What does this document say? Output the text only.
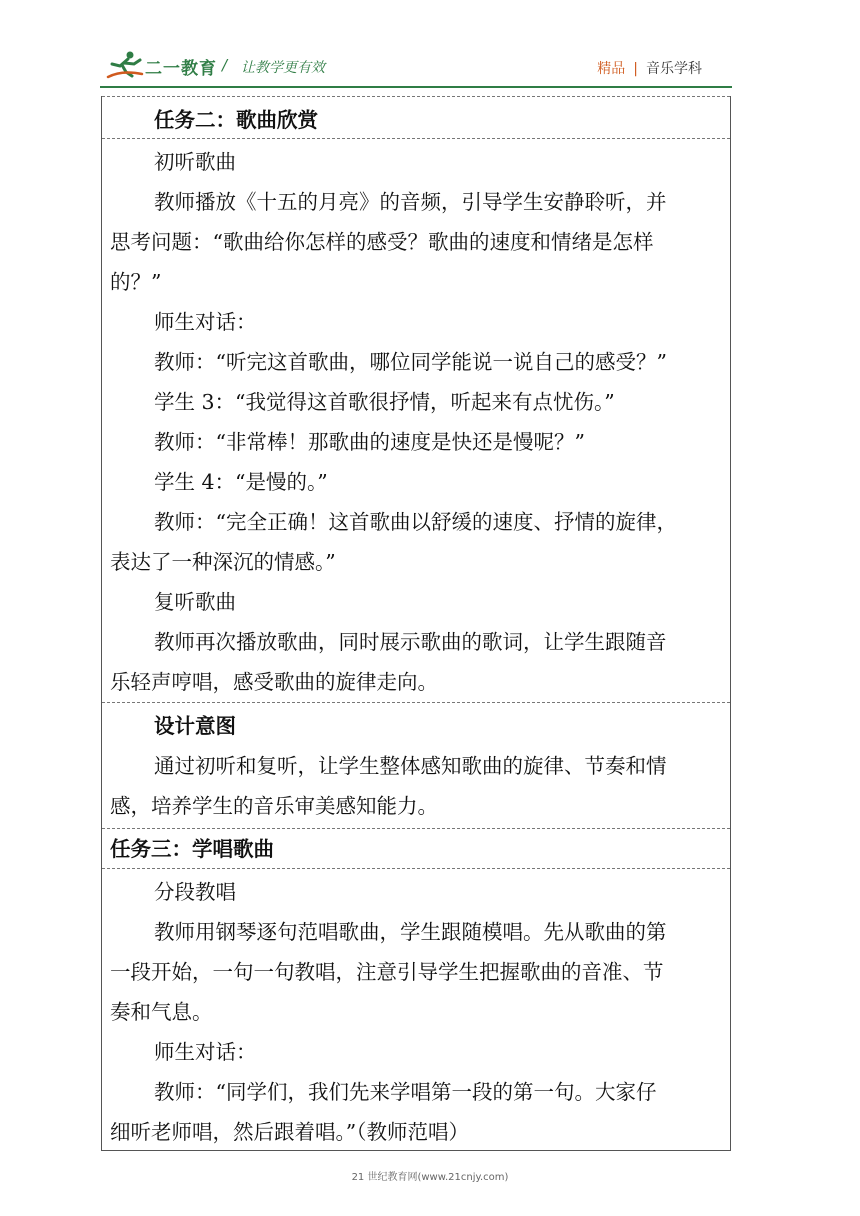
二一教育 / 让教学更有效	精品 | 音乐学科
任务二：歌曲欣赏
初听歌曲
教师播放《十五的月亮》的音频，引导学生安静聆听，并
思考问题：“歌曲给你怎样的感受？歌曲的速度和情绪是怎样
的？”
师生对话：
教师：“听完这首歌曲，哪位同学能说一说自己的感受？”
学生 3：“我觉得这首歌很抒情，听起来有点忧伤。”
教师：“非常棒！那歌曲的速度是快还是慢呢？”
学生 4：“是慢的。”
教师：“完全正确！这首歌曲以舒缓的速度、抒情的旋律，
表达了一种深沉的情感。”
复听歌曲
教师再次播放歌曲，同时展示歌曲的歌词，让学生跟随音
乐轻声哼唱，感受歌曲的旋律走向。
设计意图
通过初听和复听，让学生整体感知歌曲的旋律、节奏和情
感，培养学生的音乐审美感知能力。
任务三：学唱歌曲
分段教唱
教师用钢琴逐句范唱歌曲，学生跟随模唱。先从歌曲的第
一段开始，一句一句教唱，注意引导学生把握歌曲的音准、节
奏和气息。
师生对话：
教师：“同学们，我们先来学唱第一段的第一句。大家仔
细听老师唱，然后跟着唱。”（教师范唱）
21 世纪教育网(www.21cnjy.com)
